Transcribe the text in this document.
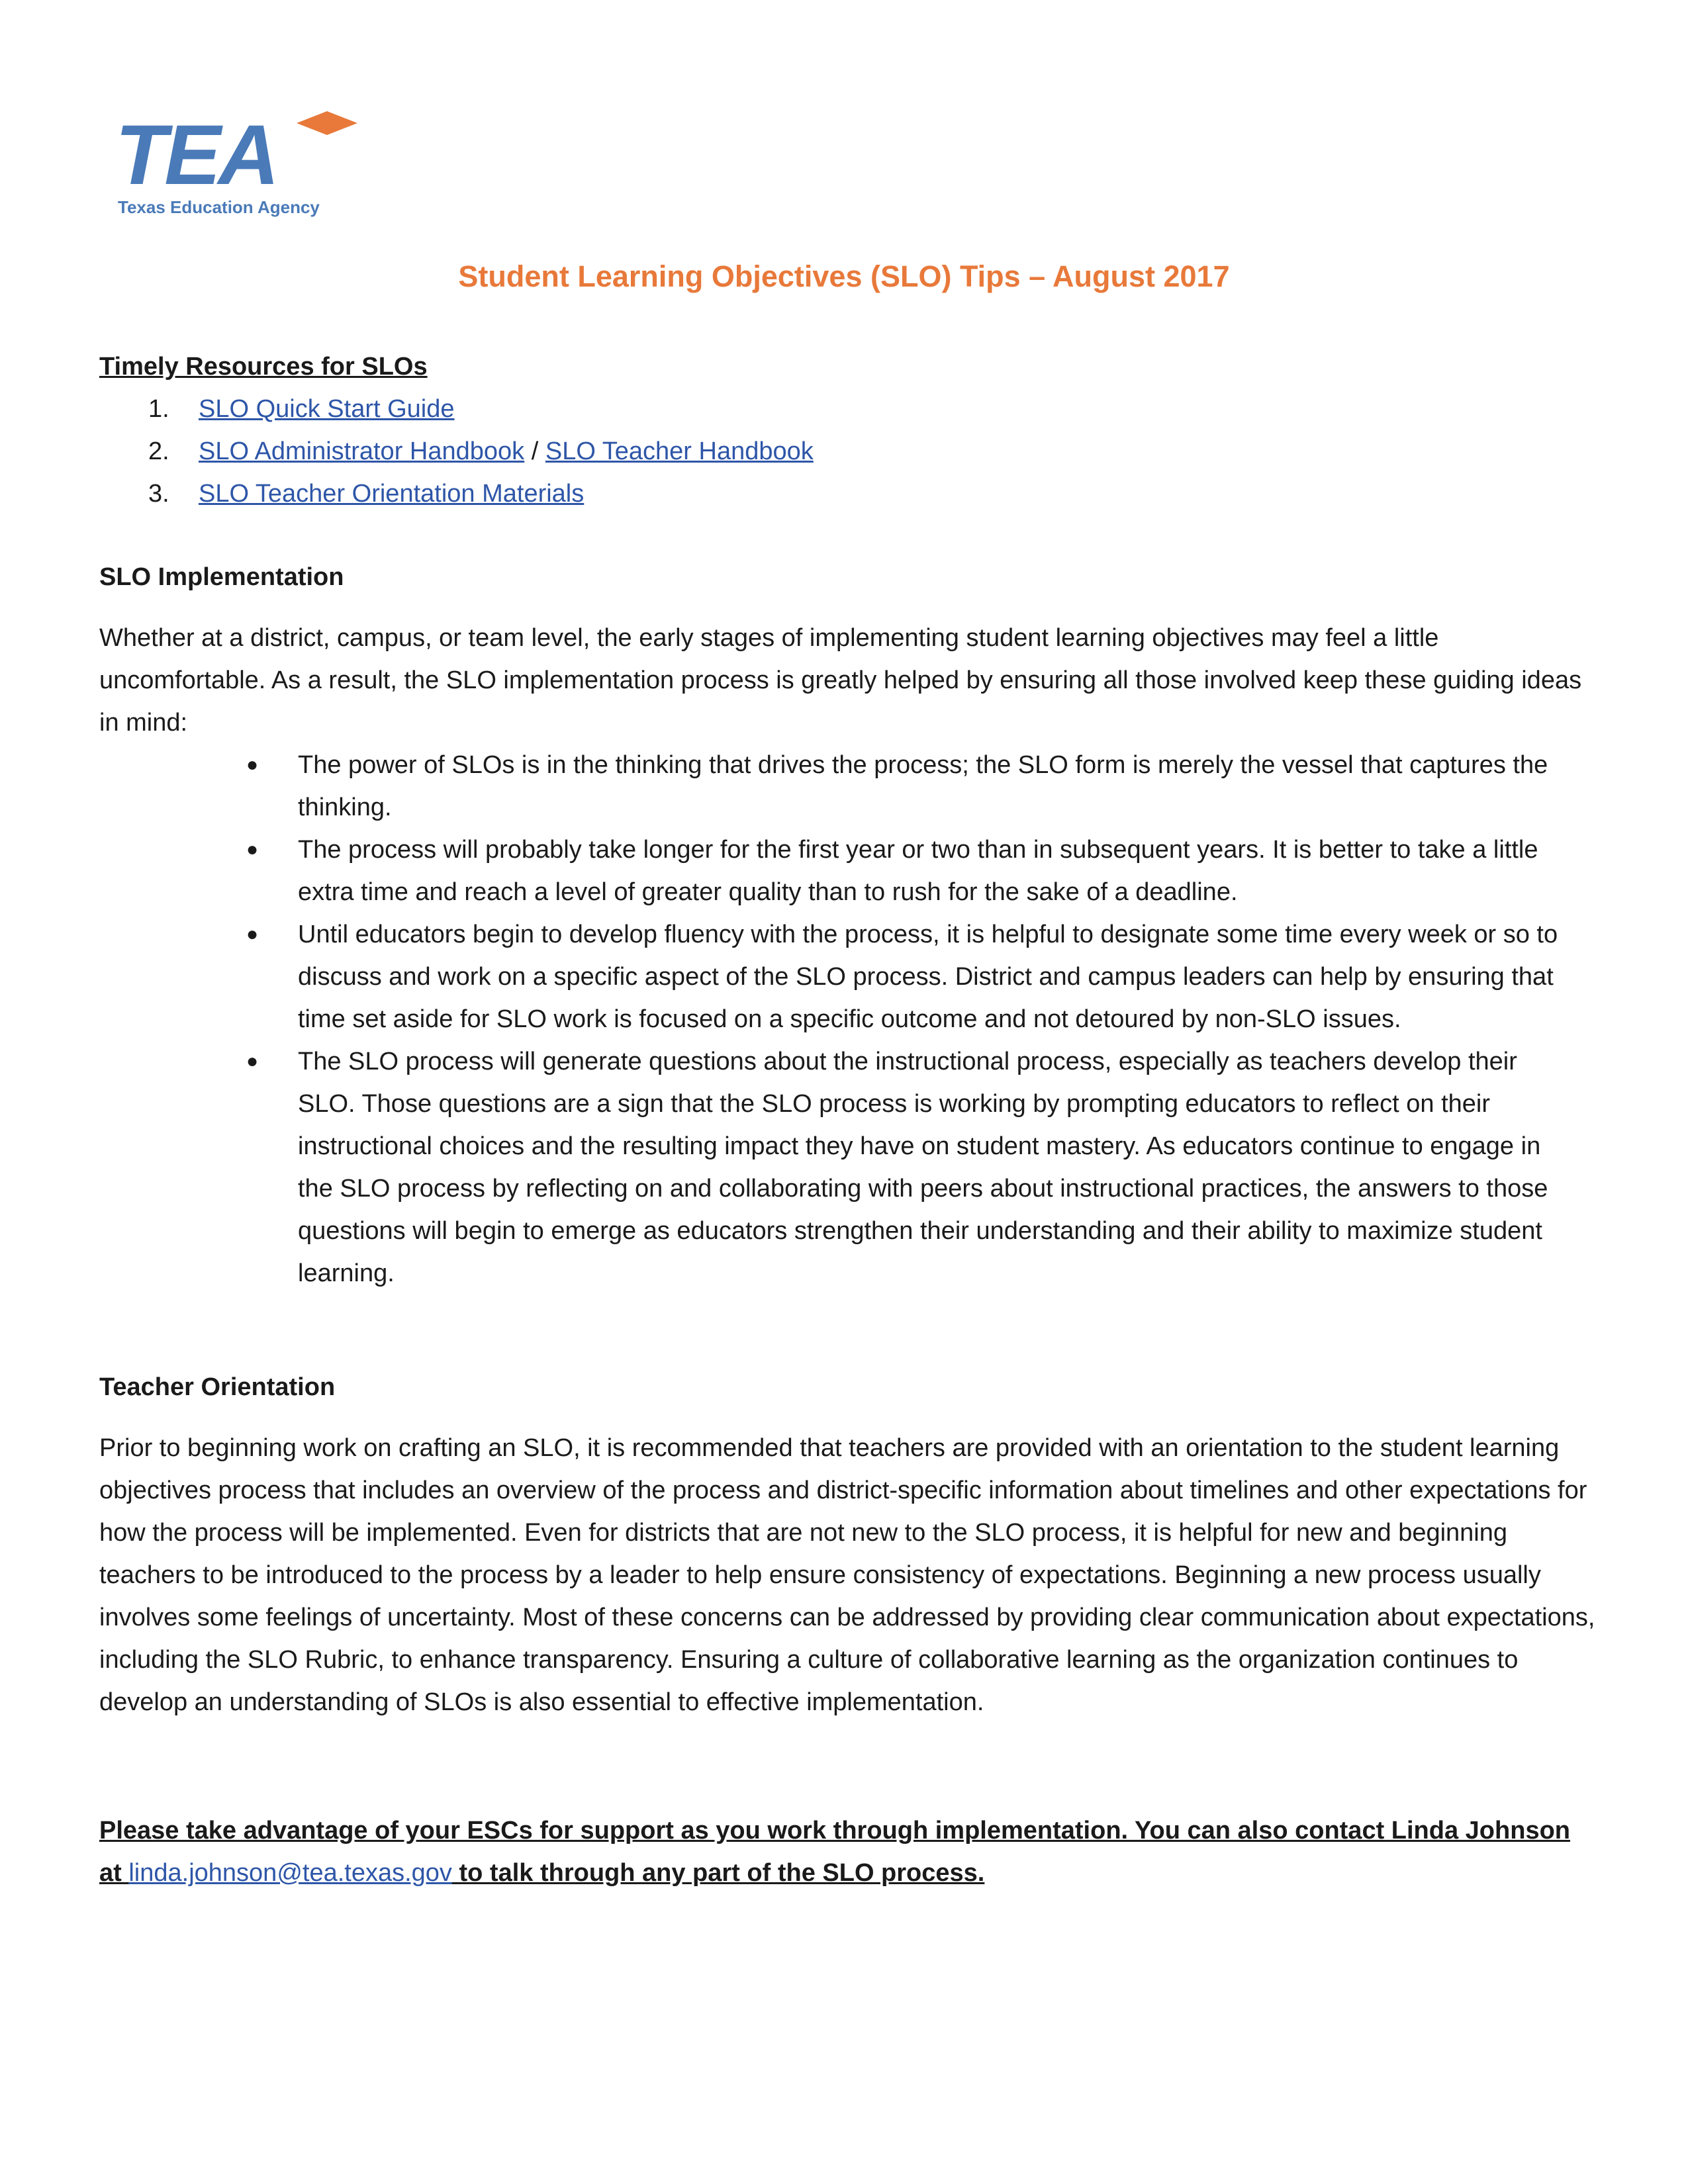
TEA
Texas Education Agency
Student Learning Objectives (SLO) Tips – August 2017

Timely Resources for SLOs

1. SLO Quick Start Guide
2. SLO Administrator Handbook / SLO Teacher Handbook
3. SLO Teacher Orientation Materials

SLO Implementation

Whether at a district, campus, or team level, the early stages of implementing student learning objectives may feel a little uncomfortable. As a result, the SLO implementation process is greatly helped by ensuring all those involved keep these guiding ideas in mind:

● The power of SLOs is in the thinking that drives the process; the SLO form is merely the vessel that captures the thinking.
● The process will probably take longer for the first year or two than in subsequent years. It is better to take a little extra time and reach a level of greater quality than to rush for the sake of a deadline.
● Until educators begin to develop fluency with the process, it is helpful to designate some time every week or so to discuss and work on a specific aspect of the SLO process. District and campus leaders can help by ensuring that time set aside for SLO work is focused on a specific outcome and not detoured by non-SLO issues.
● The SLO process will generate questions about the instructional process, especially as teachers develop their SLO. Those questions are a sign that the SLO process is working by prompting educators to reflect on their instructional choices and the resulting impact they have on student mastery. As educators continue to engage in the SLO process by reflecting on and collaborating with peers about instructional practices, the answers to those questions will begin to emerge as educators strengthen their understanding and their ability to maximize student learning.

Teacher Orientation

Prior to beginning work on crafting an SLO, it is recommended that teachers are provided with an orientation to the student learning objectives process that includes an overview of the process and district-specific information about timelines and other expectations for how the process will be implemented. Even for districts that are not new to the SLO process, it is helpful for new and beginning teachers to be introduced to the process by a leader to help ensure consistency of expectations. Beginning a new process usually involves some feelings of uncertainty. Most of these concerns can be addressed by providing clear communication about expectations, including the SLO Rubric, to enhance transparency. Ensuring a culture of collaborative learning as the organization continues to develop an understanding of SLOs is also essential to effective implementation.

Please take advantage of your ESCs for support as you work through implementation. You can also contact Linda Johnson at linda.johnson@tea.texas.gov to talk through any part of the SLO process.
